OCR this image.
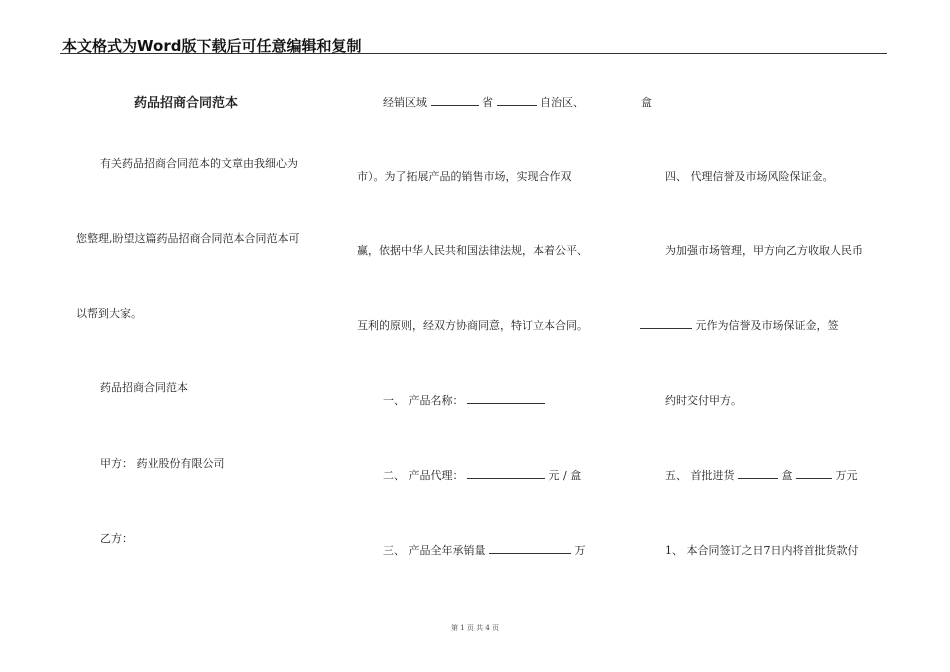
本文格式为Word版下载后可任意编辑和复制
药品招商合同范本
有关药品招商合同范本的文章由我细心为
您整理,盼望这篇药品招商合同范本合同范本可
以帮到大家。
药品招商合同范本
甲方： 药业股份有限公司
乙方：
经销区域	省	自治区、	盒
市）。为了拓展产品的销售市场，实现合作双
赢，依据中华人民共和国法律法规，本着公平、
互利的原则，经双方协商同意，特订立本合同。
一、 产品名称：
二、 产品代理：	元 / 盒
三、 产品全年承销量	万
四、 代理信誉及市场风险保证金。
为加强市场管理，甲方向乙方收取人民币
元作为信誉及市场保证金，签
约时交付甲方。
五、 首批进货	盒	万元
1、 本合同签订之日7日内将首批货款付
第 1 页 共 4 页
